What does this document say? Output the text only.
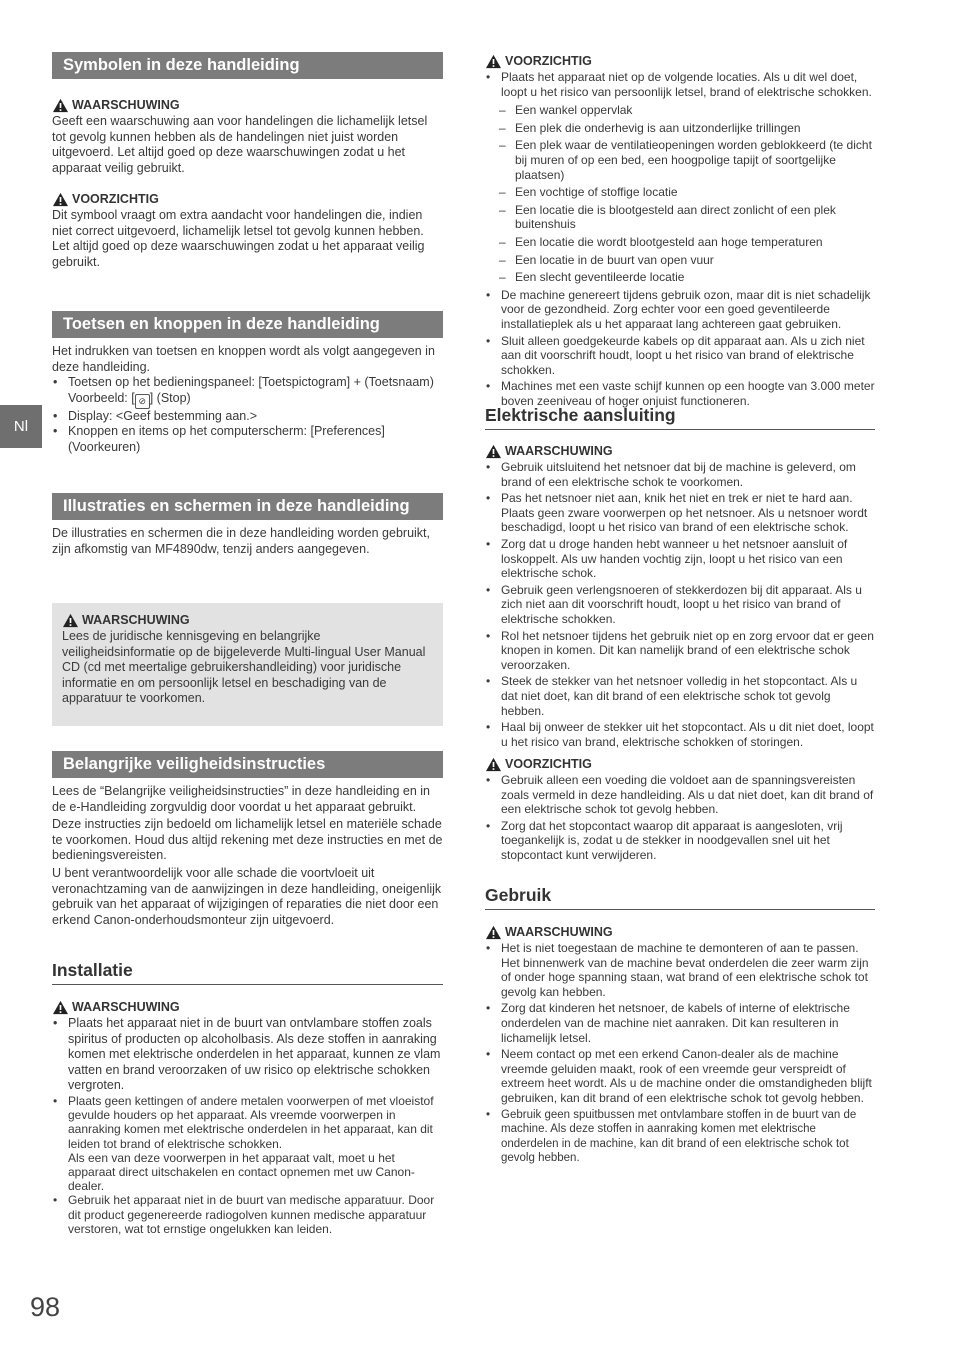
Nl
Symbolen in deze handleiding
WAARSCHUWING

Geeft een waarschuwing aan voor handelingen die lichamelijk letsel tot gevolg kunnen hebben als de handelingen niet juist worden uitgevoerd. Let altijd goed op deze waarschuwingen zodat u het apparaat veilig gebruikt.

VOORZICHTIG

Dit symbool vraagt om extra aandacht voor handelingen die, indien niet correct uitgevoerd, lichamelijk letsel tot gevolg kunnen hebben. Let altijd goed op deze waarschuwingen zodat u het apparaat veilig gebruikt.

Toetsen en knoppen in deze handleiding

Het indrukken van toetsen en knoppen wordt als volgt aangegeven in deze handleiding.

• Toetsen op het bedieningspaneel: [Toetspictogram] + (Toetsnaam)
Voorbeeld: [ ⊘ ] (Stop)
• Display: <Geef bestemming aan.>
• Knoppen en items op het computerscherm: [Preferences] (Voorkeuren)
Illustraties en schermen in deze handleiding

De illustraties en schermen die in deze handleiding worden gebruikt, zijn afkomstig van MF4890dw, tenzij anders aangegeven.

WAARSCHUWING

Lees de juridische kennisgeving en belangrijke veiligheidsinformatie op de bijgeleverde Multi-lingual User Manual CD (cd met meertalige gebruikershandleiding) voor juridische informatie en om persoonlijk letsel en beschadiging van de apparatuur te voorkomen.

Belangrijke veiligheidsinstructies

Lees de “Belangrijke veiligheidsinstructies” in deze handleiding en in de e-Handleiding zorgvuldig door voordat u het apparaat gebruikt.

Deze instructies zijn bedoeld om lichamelijk letsel en materiële schade te voorkomen. Houd dus altijd rekening met deze instructies en met de bedieningsvereisten.

U bent verantwoordelijk voor alle schade die voortvloeit uit veronachtzaming van de aanwijzingen in deze handleiding, oneigenlijk gebruik van het apparaat of wijzigingen of reparaties die niet door een erkend Canon-onderhoudsmonteur zijn uitgevoerd.

Installatie
WAARSCHUWING
• Plaats het apparaat niet in de buurt van ontvlambare stoffen zoals spiritus of producten op alcoholbasis. Als deze stoffen in aanraking komen met elektrische onderdelen in het apparaat, kunnen ze vlam vatten en brand veroorzaken of uw risico op elektrische schokken vergroten.
• Plaats geen kettingen of andere metalen voorwerpen of met vloeistof gevulde houders op het apparaat. Als vreemde voorwerpen in aanraking komen met elektrische onderdelen in het apparaat, kan dit leiden tot brand of elektrische schokken.
Als een van deze voorwerpen in het apparaat valt, moet u het apparaat direct uitschakelen en contact opnemen met uw Canon-dealer.
• Gebruik het apparaat niet in de buurt van medische apparatuur. Door dit product gegenereerde radiogolven kunnen medische apparatuur verstoren, wat tot ernstige ongelukken kan leiden.
VOORZICHTIG
• Plaats het apparaat niet op de volgende locaties. Als u dit wel doet, loopt u het risico van persoonlijk letsel, brand of elektrische schokken.
– Een wankel oppervlak
– Een plek die onderhevig is aan uitzonderlijke trillingen
– Een plek waar de ventilatieopeningen worden geblokkeerd (te dicht bij muren of op een bed, een hoogpolige tapijt of soortgelijke plaatsen)
– Een vochtige of stoffige locatie
– Een locatie die is blootgesteld aan direct zonlicht of een plek buitenshuis
– Een locatie die wordt blootgesteld aan hoge temperaturen
– Een locatie in de buurt van open vuur
– Een slecht geventileerde locatie
• De machine genereert tijdens gebruik ozon, maar dit is niet schadelijk voor de gezondheid. Zorg echter voor een goed geventileerde installatieplek als u het apparaat lang achtereen gaat gebruiken.
• Sluit alleen goedgekeurde kabels op dit apparaat aan. Als u zich niet aan dit voorschrift houdt, loopt u het risico van brand of elektrische schokken.
• Machines met een vaste schijf kunnen op een hoogte van 3.000 meter boven zeeniveau of hoger onjuist functioneren.
Elektrische aansluiting
WAARSCHUWING
• Gebruik uitsluitend het netsnoer dat bij de machine is geleverd, om brand of een elektrische schok te voorkomen.
• Pas het netsnoer niet aan, knik het niet en trek er niet te hard aan. Plaats geen zware voorwerpen op het netsnoer. Als u netsnoer wordt beschadigd, loopt u het risico van brand of een elektrische schok.
• Zorg dat u droge handen hebt wanneer u het netsnoer aansluit of loskoppelt. Als uw handen vochtig zijn, loopt u het risico van een elektrische schok.
• Gebruik geen verlengsnoeren of stekkerdozen bij dit apparaat. Als u zich niet aan dit voorschrift houdt, loopt u het risico van brand of elektrische schokken.
• Rol het netsnoer tijdens het gebruik niet op en zorg ervoor dat er geen knopen in komen. Dit kan namelijk brand of een elektrische schok veroorzaken.
• Steek de stekker van het netsnoer volledig in het stopcontact. Als u dat niet doet, kan dit brand of een elektrische schok tot gevolg hebben.
• Haal bij onweer de stekker uit het stopcontact. Als u dit niet doet, loopt u het risico van brand, elektrische schokken of storingen.
VOORZICHTIG
• Gebruik alleen een voeding die voldoet aan de spanningsvereisten zoals vermeld in deze handleiding. Als u dat niet doet, kan dit brand of een elektrische schok tot gevolg hebben.
• Zorg dat het stopcontact waarop dit apparaat is aangesloten, vrij toegankelijk is, zodat u de stekker in noodgevallen snel uit het stopcontact kunt verwijderen.
Gebruik
WAARSCHUWING
• Het is niet toegestaan de machine te demonteren of aan te passen. Het binnenwerk van de machine bevat onderdelen die zeer warm zijn of onder hoge spanning staan, wat brand of een elektrische schok tot gevolg kan hebben.
• Zorg dat kinderen het netsnoer, de kabels of interne of elektrische onderdelen van de machine niet aanraken. Dit kan resulteren in lichamelijk letsel.
• Neem contact op met een erkend Canon-dealer als de machine vreemde geluiden maakt, rook of een vreemde geur verspreidt of extreem heet wordt. Als u de machine onder die omstandigheden blijft gebruiken, kan dit brand of een elektrische schok tot gevolg hebben.
• Gebruik geen spuitbussen met ontvlambare stoffen in de buurt van de machine. Als deze stoffen in aanraking komen met elektrische onderdelen in de machine, kan dit brand of een elektrische schok tot gevolg hebben.
98
